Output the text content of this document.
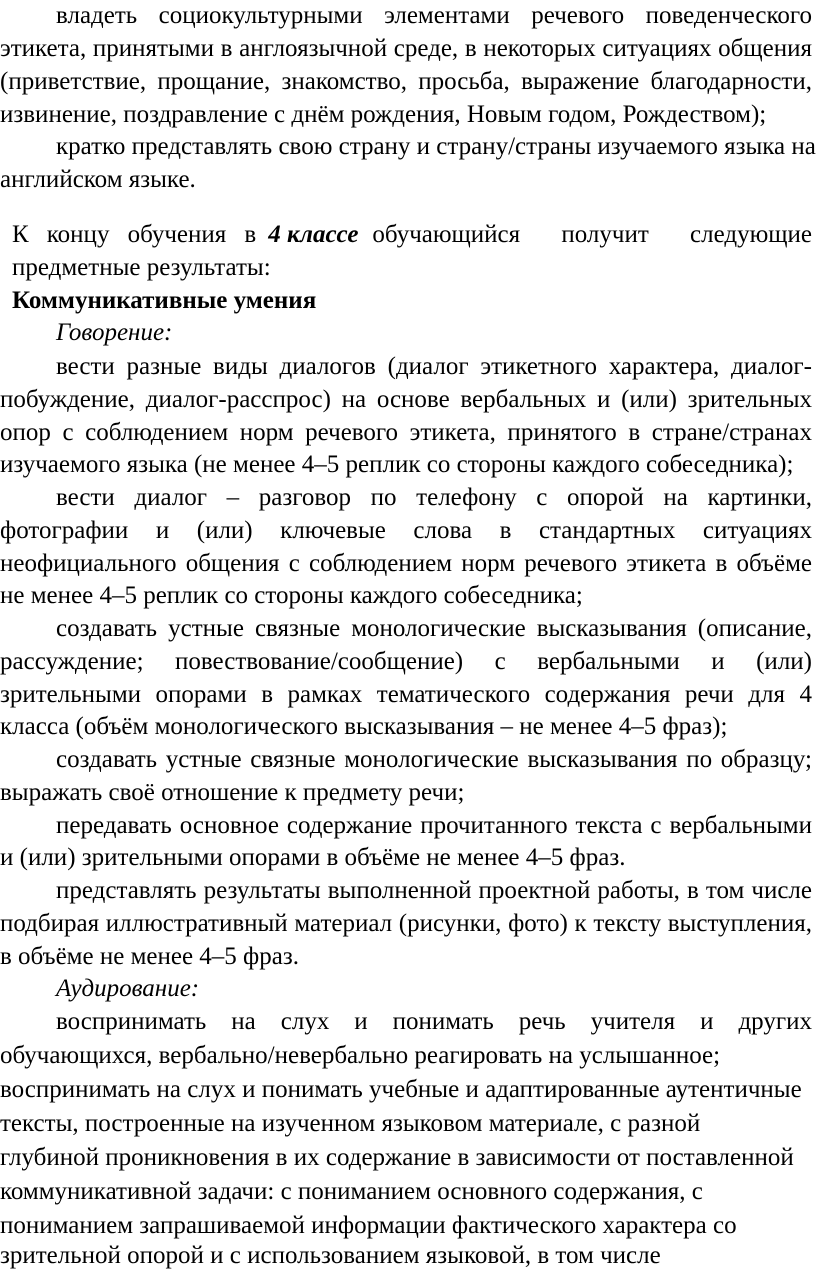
владеть социокультурными элементами речевого поведенческого
этикета, принятыми в англоязычной среде, в некоторых ситуациях общения
(приветствие, прощание, знакомство, просьба, выражение благодарности,
извинение, поздравление с днём рождения, Новым годом, Рождеством);
кратко представлять свою страну и страну/страны изучаемого языка на
английском языке.
К концу обучения в 4 классе обучающийся получит следующие
предметные результаты:
Коммуникативные умения
Говорение:
вести разные виды диалогов (диалог этикетного характера, диалог-
побуждение, диалог-расспрос) на основе вербальных и (или) зрительных
опор с соблюдением норм речевого этикета, принятого в стране/странах
изучаемого языка (не менее 4–5 реплик со стороны каждого собеседника);
вести диалог – разговор по телефону с опорой на картинки,
фотографии и (или) ключевые слова в стандартных ситуациях
неофициального общения с соблюдением норм речевого этикета в объёме
не менее 4–5 реплик со стороны каждого собеседника;
создавать устные связные монологические высказывания (описание,
рассуждение; повествование/сообщение) с вербальными и (или)
зрительными опорами в рамках тематического содержания речи для 4
класса (объём монологического высказывания – не менее 4–5 фраз);
создавать устные связные монологические высказывания по образцу;
выражать своё отношение к предмету речи;
передавать основное содержание прочитанного текста с вербальными
и (или) зрительными опорами в объёме не менее 4–5 фраз.
представлять результаты выполненной проектной работы, в том числе
подбирая иллюстративный материал (рисунки, фото) к тексту выступления,
в объёме не менее 4–5 фраз.
Аудирование:
воспринимать на слух и понимать речь учителя и других
обучающихся, вербально/невербально реагировать на услышанное;
воспринимать на слух и понимать учебные и адаптированные аутентичные
тексты, построенные на изученном языковом материале, с разной
глубиной проникновения в их содержание в зависимости от поставленной
коммуникативной задачи: с пониманием основного содержания, с
пониманием запрашиваемой информации фактического характера со
зрительной опорой и с использованием языковой, в том числе
